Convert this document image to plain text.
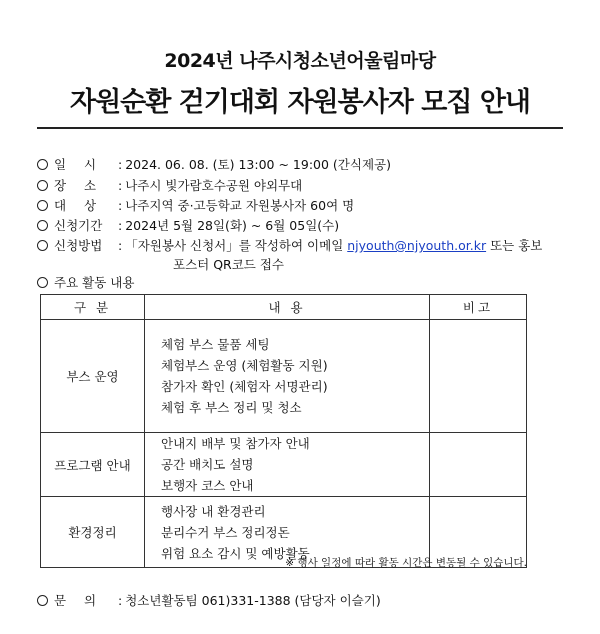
2024년 나주시청소년어울림마당
자원순환 걷기대회 자원봉사자 모집 안내
일 시 : 2024. 06. 08. (토) 13:00 ~ 19:00 (간식제공)
장 소 : 나주시 빛가람호수공원 야외무대
대 상 : 나주지역 중·고등학교 자원봉사자 60여 명
신청기간 : 2024년 5월 28일(화) ~ 6월 05일(수)
신청방법 : 「자원봉사 신청서」를 작성하여 이메일 njyouth@njyouth.or.kr 또는 홍보
포스터 QR코드 접수
주요 활동 내용
구 분	내 용	비고
부스 운영	체험 부스 물품 세팅
체험부스 운영 (체험활동 지원)
참가자 확인 (체험자 서명관리)
체험 후 부스 정리 및 청소	

프로그램 안내	안내지 배부 및 참가자 안내
공간 배치도 설명
보행자 코스 안내	

환경정리	행사장 내 환경관리
분리수거 부스 정리정돈
위험 요소 감시 및 예방활동	

※ 행사 일정에 따라 활동 시간은 변동될 수 있습니다.
문 의 : 청소년활동팀 061)331-1388 (담당자 이슬기)
